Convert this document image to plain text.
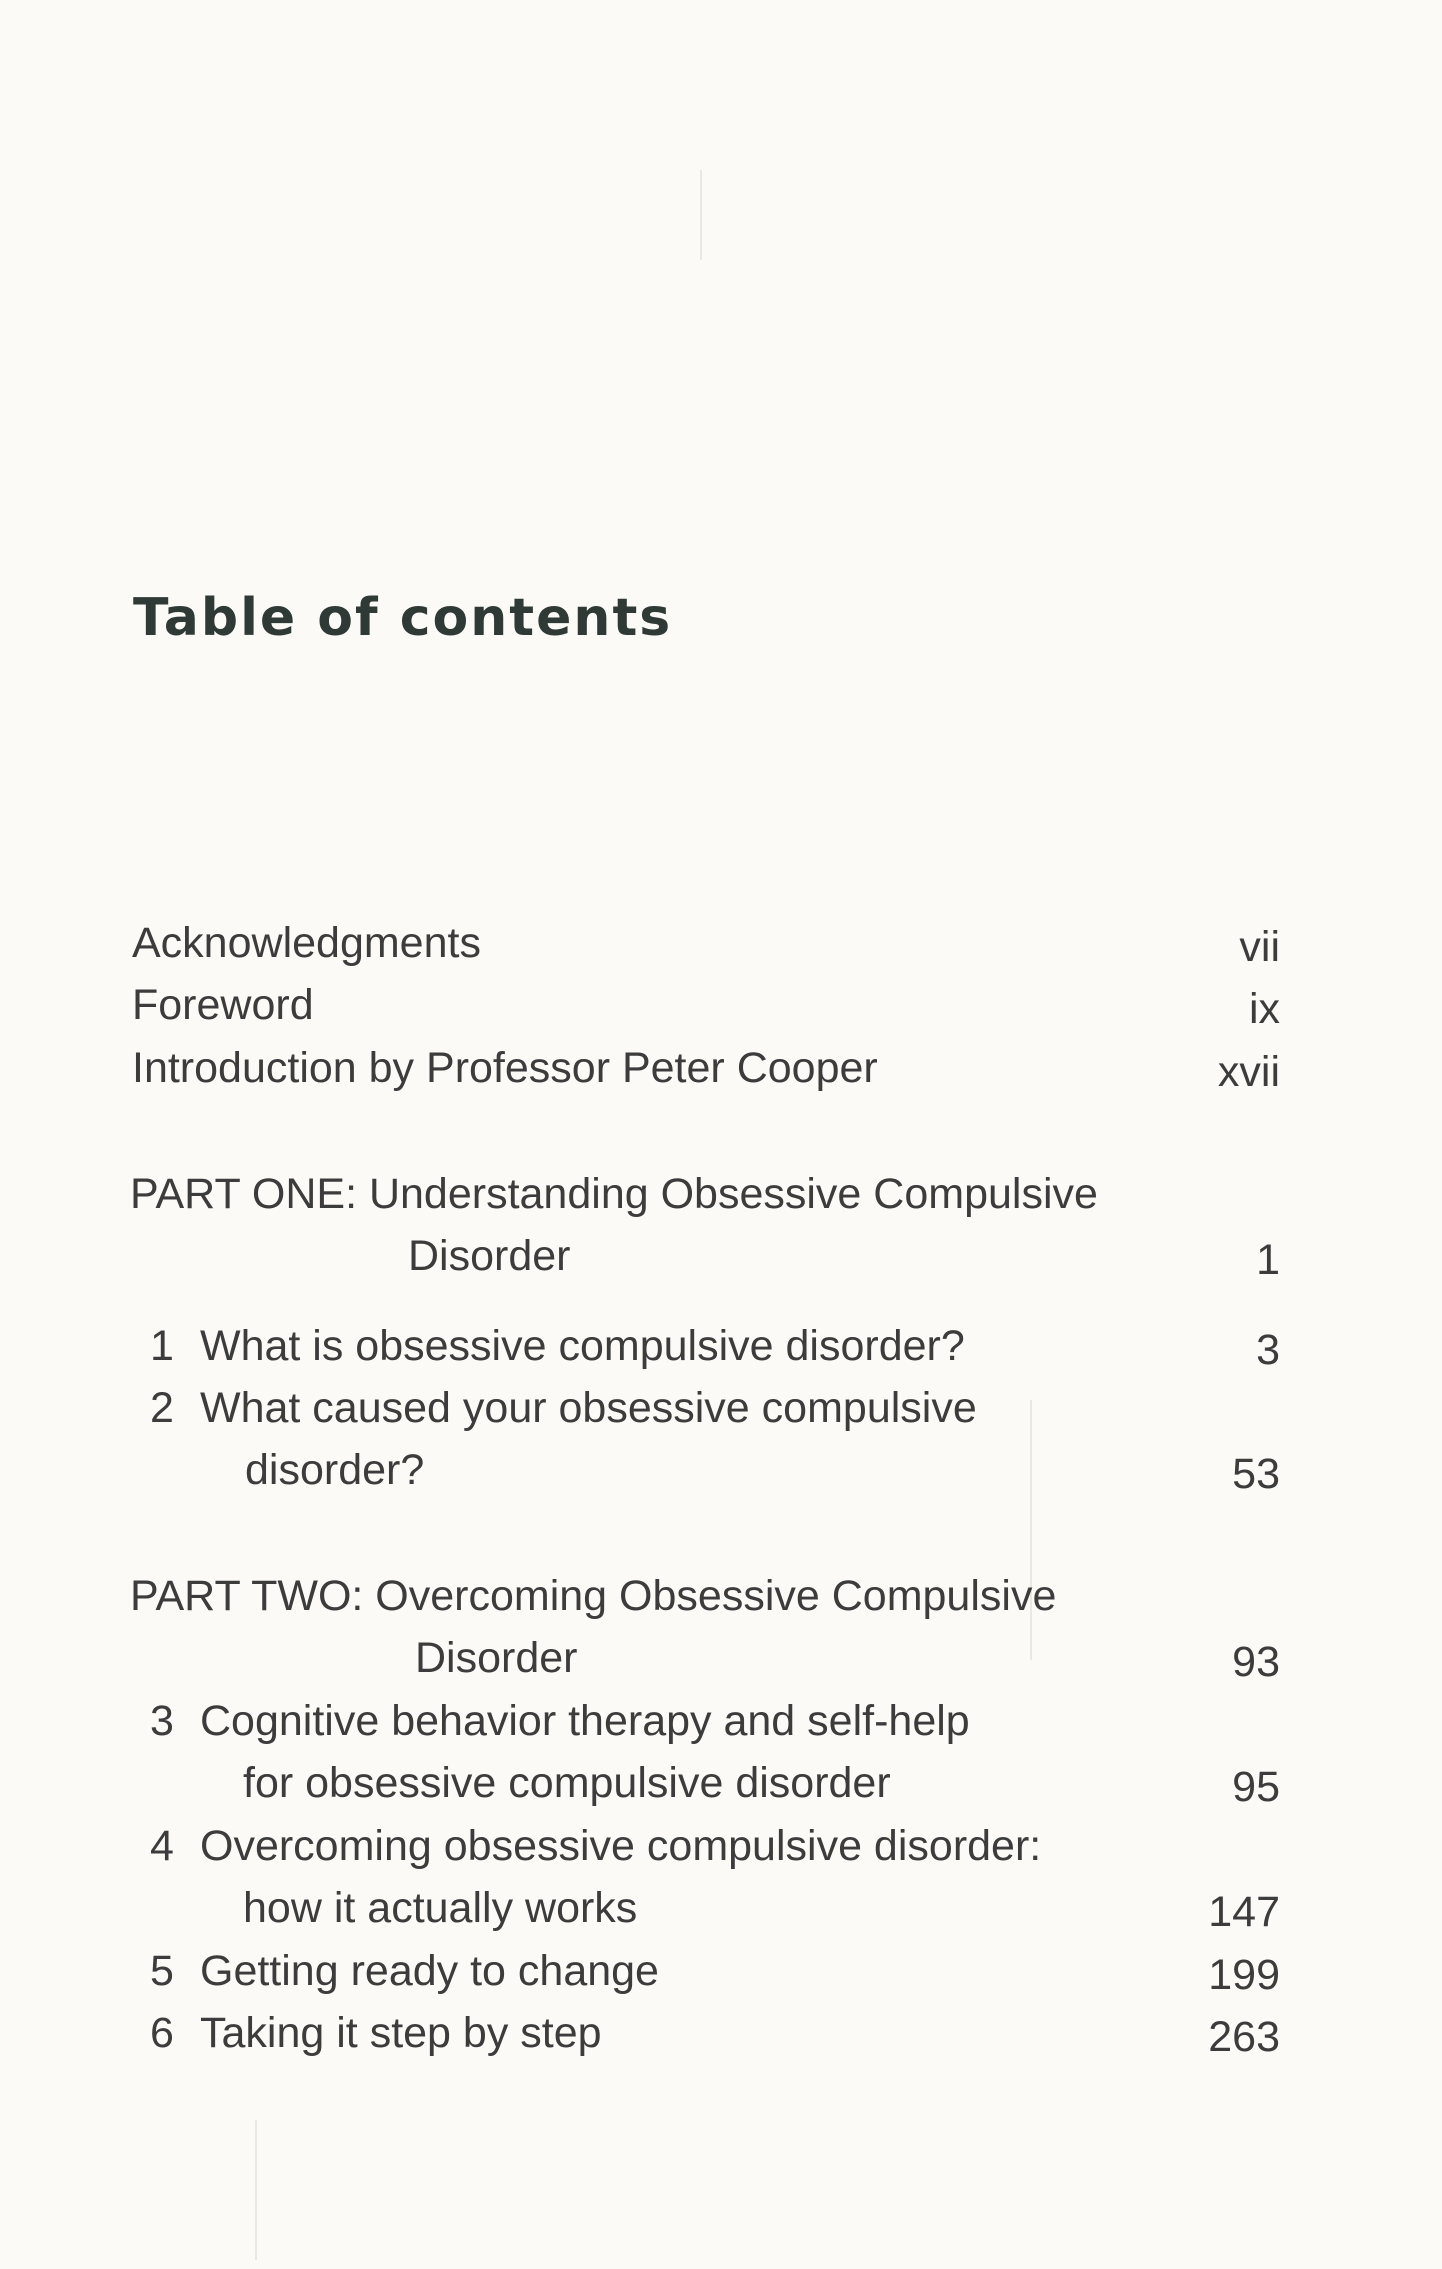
Table of contents
Acknowledgments	vii
Foreword	ix
Introduction by Professor Peter Cooper	xvii
PART ONE: Understanding Obsessive Compulsive
Disorder	1
1 What is obsessive compulsive disorder?	3
2 What caused your obsessive compulsive
disorder?	53
PART TWO: Overcoming Obsessive Compulsive
Disorder	93
3 Cognitive behavior therapy and self-help
for obsessive compulsive disorder	95
4 Overcoming obsessive compulsive disorder:
how it actually works	147
5 Getting ready to change	199
6 Taking it step by step	263
